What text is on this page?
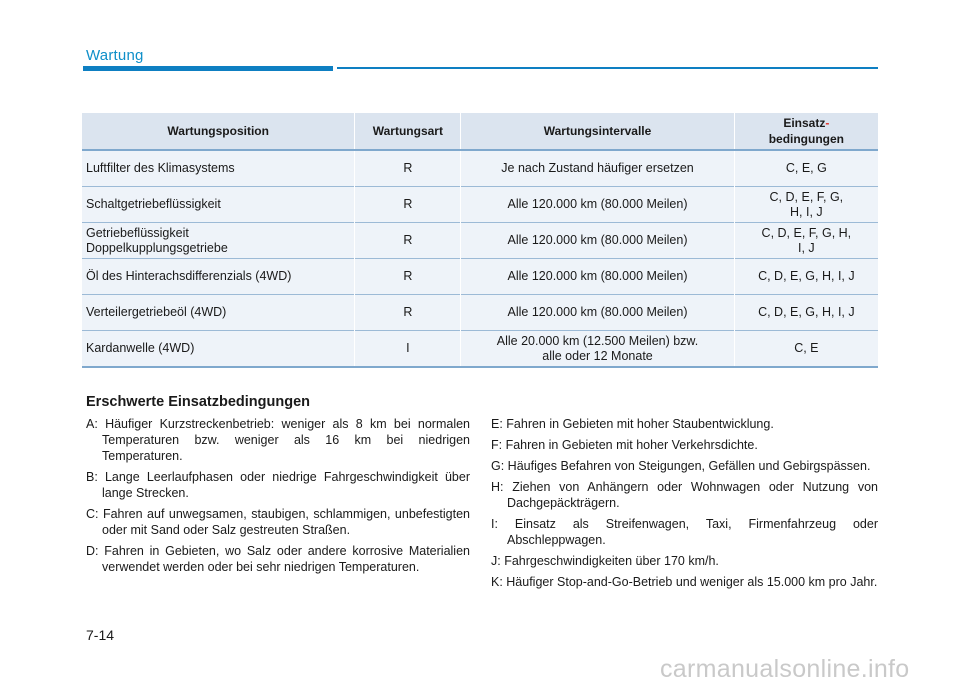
Wartung
Wartungsposition	Wartungsart	Wartungsintervalle	Einsatz-
bedingungen
Luftfilter des Klimasystems	R	Je nach Zustand häufiger ersetzen	C, E, G
Schaltgetriebeflüssigkeit	R	Alle 120.000 km (80.000 Meilen)	C, D, E, F, G,
H, I, J
Getriebeflüssigkeit
Doppelkupplungsgetriebe	R	Alle 120.000 km (80.000 Meilen)	C, D, E, F, G, H,
I, J
Öl des Hinterachsdifferenzials (4WD)	R	Alle 120.000 km (80.000 Meilen)	C, D, E, G, H, I, J
Verteilergetriebeöl (4WD)	R	Alle 120.000 km (80.000 Meilen)	C, D, E, G, H, I, J
Kardanwelle (4WD)	I	Alle 20.000 km (12.500 Meilen) bzw.
alle oder 12 Monate	C, E
Erschwerte Einsatzbedingungen
A: Häufiger Kurzstreckenbetrieb: weniger als 8 km bei normalen Temperaturen bzw. weniger als 16 km bei niedrigen Temperaturen.
B: Lange Leerlaufphasen oder niedrige Fahrgeschwindigkeit über lange Strecken.
C: Fahren auf unwegsamen, staubigen, schlammigen, unbefestigten oder mit Sand oder Salz gestreuten Straßen.
D: Fahren in Gebieten, wo Salz oder andere korrosive Materialien verwendet werden oder bei sehr niedrigen Temperaturen.
E: Fahren in Gebieten mit hoher Staubentwicklung.
F: Fahren in Gebieten mit hoher Verkehrsdichte.
G: Häufiges Befahren von Steigungen, Gefällen und Gebirgspässen.
H: Ziehen von Anhängern oder Wohnwagen oder Nutzung von Dachgepäckträgern.
I: Einsatz als Streifenwagen, Taxi, Firmenfahrzeug oder Abschleppwagen.
J: Fahrgeschwindigkeiten über 170 km/h.
K: Häufiger Stop-and-Go-Betrieb und weniger als 15.000 km pro Jahr.
7-14
carmanualsonline.info
